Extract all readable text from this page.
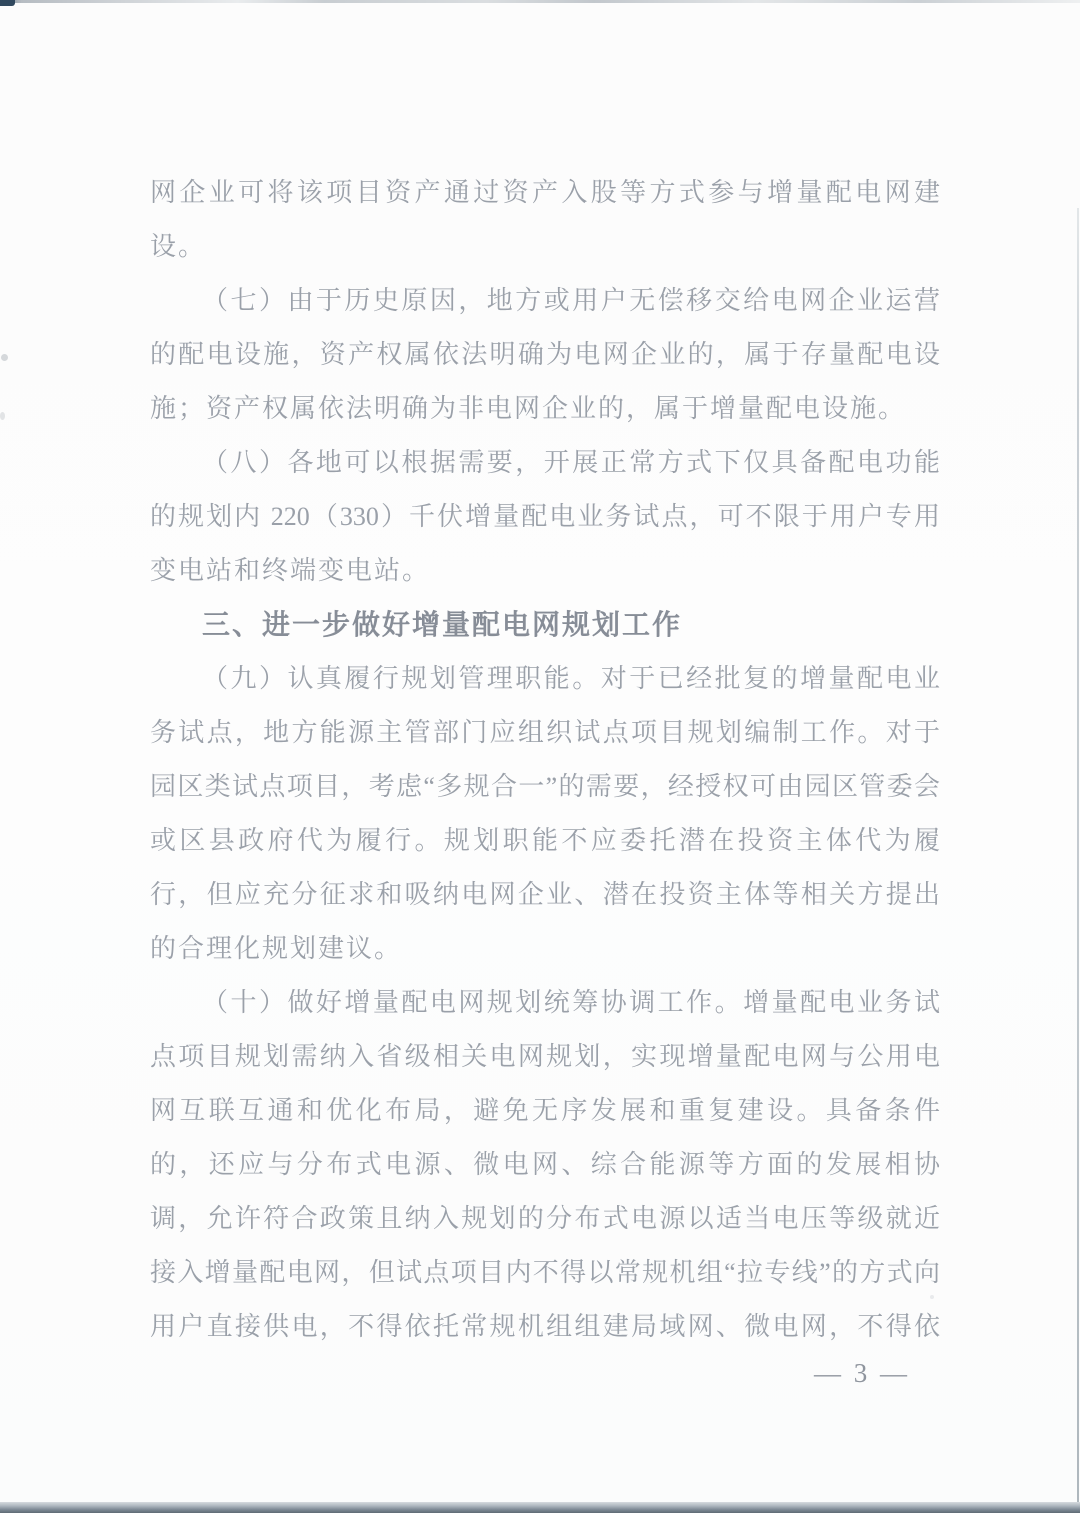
网企业可将该项目资产通过资产入股等方式参与增量配电网建
设。
（七）由于历史原因，地方或用户无偿移交给电网企业运营
的配电设施，资产权属依法明确为电网企业的，属于存量配电设
施；资产权属依法明确为非电网企业的，属于增量配电设施。
（八）各地可以根据需要，开展正常方式下仅具备配电功能
的规划内 220（330）千伏增量配电业务试点，可不限于用户专用
变电站和终端变电站。
三、进一步做好增量配电网规划工作
（九）认真履行规划管理职能。对于已经批复的增量配电业
务试点，地方能源主管部门应组织试点项目规划编制工作。对于
园区类试点项目，考虑“多规合一”的需要，经授权可由园区管委会
或区县政府代为履行。规划职能不应委托潜在投资主体代为履
行，但应充分征求和吸纳电网企业、潜在投资主体等相关方提出
的合理化规划建议。
（十）做好增量配电网规划统筹协调工作。增量配电业务试
点项目规划需纳入省级相关电网规划，实现增量配电网与公用电
网互联互通和优化布局，避免无序发展和重复建设。具备条件
的，还应与分布式电源、微电网、综合能源等方面的发展相协
调，允许符合政策且纳入规划的分布式电源以适当电压等级就近
接入增量配电网，但试点项目内不得以常规机组“拉专线”的方式向
用户直接供电，不得依托常规机组组建局域网、微电网，不得依
— 3 —
